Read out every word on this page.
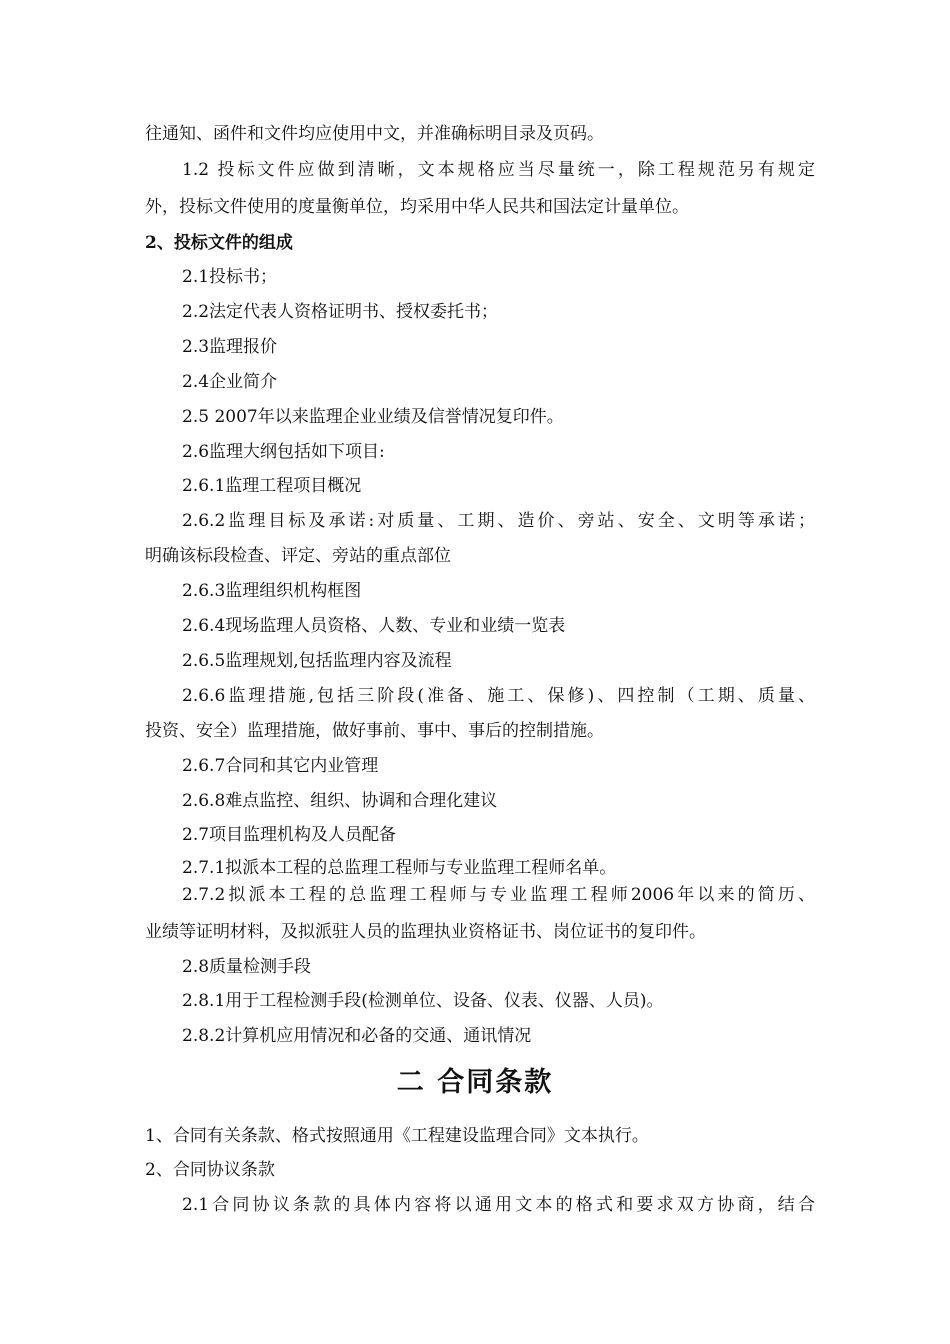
往通知、函件和文件均应使用中文，并准确标明目录及页码。
1.2 投标文件应做到清晰，文本规格应当尽量统一，除工程规范另有规定
外，投标文件使用的度量衡单位，均采用中华人民共和国法定计量单位。
2、投标文件的组成
2.1投标书；
2.2法定代表人资格证明书、授权委托书；
2.3监理报价
2.4企业简介
2.5 2007年以来监理企业业绩及信誉情况复印件。
2.6监理大纲包括如下项目:
2.6.1监理工程项目概况
2.6.2监理目标及承诺:对质量、工期、造价、旁站、安全、文明等承诺；
明确该标段检查、评定、旁站的重点部位
2.6.3监理组织机构框图
2.6.4现场监理人员资格、人数、专业和业绩一览表
2.6.5监理规划,包括监理内容及流程
2.6.6监理措施,包括三阶段(准备、施工、保修)、四控制（工期、质量、
投资、安全）监理措施，做好事前、事中、事后的控制措施。
2.6.7合同和其它内业管理
2.6.8难点监控、组织、协调和合理化建议
2.7项目监理机构及人员配备
2.7.1拟派本工程的总监理工程师与专业监理工程师名单。
2.7.2拟派本工程的总监理工程师与专业监理工程师2006年以来的简历、
业绩等证明材料，及拟派驻人员的监理执业资格证书、岗位证书的复印件。
2.8质量检测手段
2.8.1用于工程检测手段(检测单位、设备、仪表、仪器、人员)。
2.8.2计算机应用情况和必备的交通、通讯情况
二 合同条款
1、合同有关条款、格式按照通用《工程建设监理合同》文本执行。
2、合同协议条款
2.1合同协议条款的具体内容将以通用文本的格式和要求双方协商，结合
